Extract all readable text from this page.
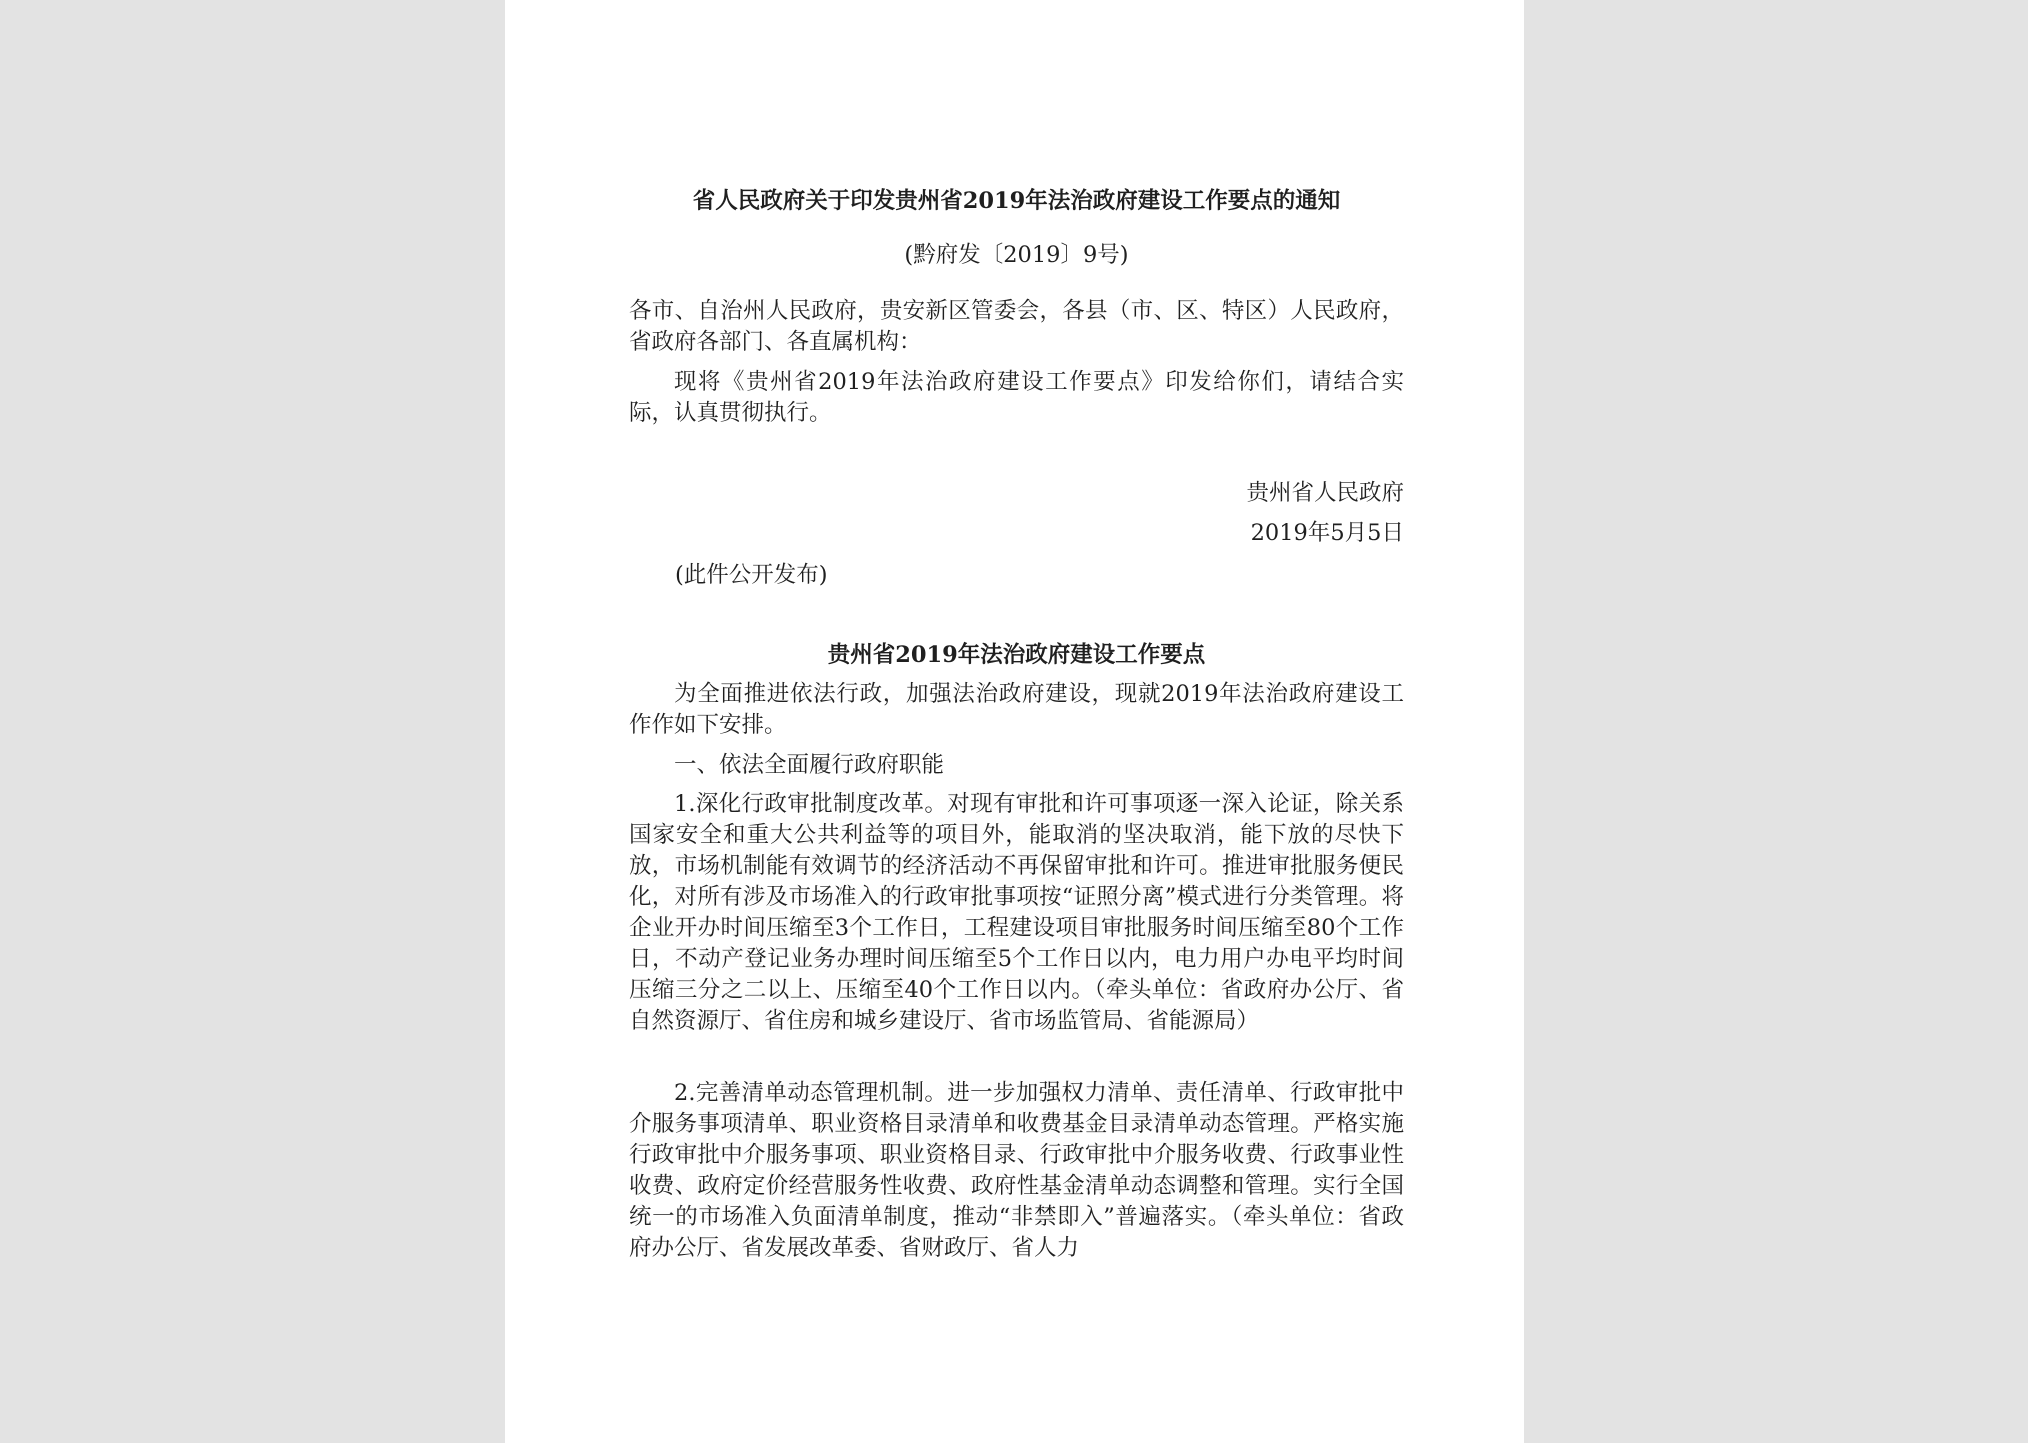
省人民政府关于印发贵州省2019年法治政府建设工作要点的通知
(黔府发〔2019〕9号)

各市、自治州人民政府，贵安新区管委会，各县（市、区、特区）人民政府，省政府各部门、各直属机构：

现将《贵州省2019年法治政府建设工作要点》印发给你们，请结合实际，认真贯彻执行。

贵州省人民政府
2019年5月5日
(此件公开发布)
贵州省2019年法治政府建设工作要点

为全面推进依法行政，加强法治政府建设，现就2019年法治政府建设工作作如下安排。

一、依法全面履行政府职能

1.深化行政审批制度改革。对现有审批和许可事项逐一深入论证，除关系国家安全和重大公共利益等的项目外，能取消的坚决取消，能下放的尽快下放，市场机制能有效调节的经济活动不再保留审批和许可。推进审批服务便民化，对所有涉及市场准入的行政审批事项按“证照分离”模式进行分类管理。将企业开办时间压缩至3个工作日，工程建设项目审批服务时间压缩至80个工作日，不动产登记业务办理时间压缩至5个工作日以内，电力用户办电平均时间压缩三分之二以上、压缩至40个工作日以内。（牵头单位：省政府办公厅、省自然资源厅、省住房和城乡建设厅、省市场监管局、省能源局）

2.完善清单动态管理机制。进一步加强权力清单、责任清单、行政审批中介服务事项清单、职业资格目录清单和收费基金目录清单动态管理。严格实施行政审批中介服务事项、职业资格目录、行政审批中介服务收费、行政事业性收费、政府定价经营服务性收费、政府性基金清单动态调整和管理。实行全国统一的市场准入负面清单制度，推动“非禁即入”普遍落实。（牵头单位：省政府办公厅、省发展改革委、省财政厅、省人力
